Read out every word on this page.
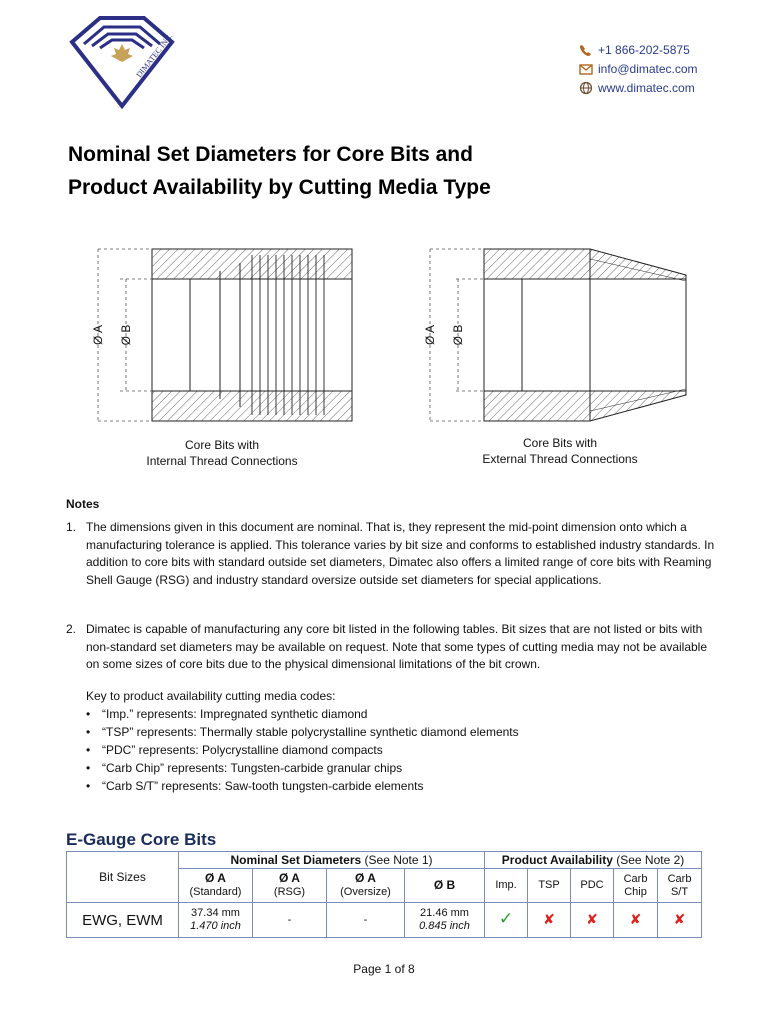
DIMATEC INC.	+1 866-202-5875
info@dimatec.com
www.dimatec.com
Nominal Set Diameters for Core Bits and
Product Availability by Cutting Media Type
Ø A Ø B
Core Bits with
Internal Thread Connections
Ø A Ø B
Core Bits with
External Thread Connections
Notes
1. The dimensions given in this document are nominal. That is, they represent the mid-point dimension onto which a manufacturing tolerance is applied. This tolerance varies by bit size and conforms to established industry standards. In addition to core bits with standard outside set diameters, Dimatec also offers a limited range of core bits with Reaming Shell Gauge (RSG) and industry standard oversize outside set diameters for special applications.
2. Dimatec is capable of manufacturing any core bit listed in the following tables. Bit sizes that are not listed or bits with non-standard set diameters may be available on request. Note that some types of cutting media may not be available on some sizes of core bits due to the physical dimensional limitations of the bit crown.
Key to product availability cutting media codes:
• “Imp.” represents: Impregnated synthetic diamond
• “TSP” represents: Thermally stable polycrystalline synthetic diamond elements
• “PDC” represents: Polycrystalline diamond compacts
• “Carb Chip” represents: Tungsten-carbide granular chips
• “Carb S/T” represents: Saw-tooth tungsten-carbide elements
E-Gauge Core Bits
Bit Sizes	Nominal Set Diameters (See Note 1)				Product Availability (See Note 2)				
	Ø A
(Standard)	Ø A
(RSG)	Ø A
(Oversize)	Ø B	Imp.	TSP	PDC	Carb
Chip	Carb
S/T
EWG, EWM	37.34 mm
1.470 inch	-	-	21.46 mm
0.845 inch	✓	✘	✘	✘	✘
Page 1 of 8
